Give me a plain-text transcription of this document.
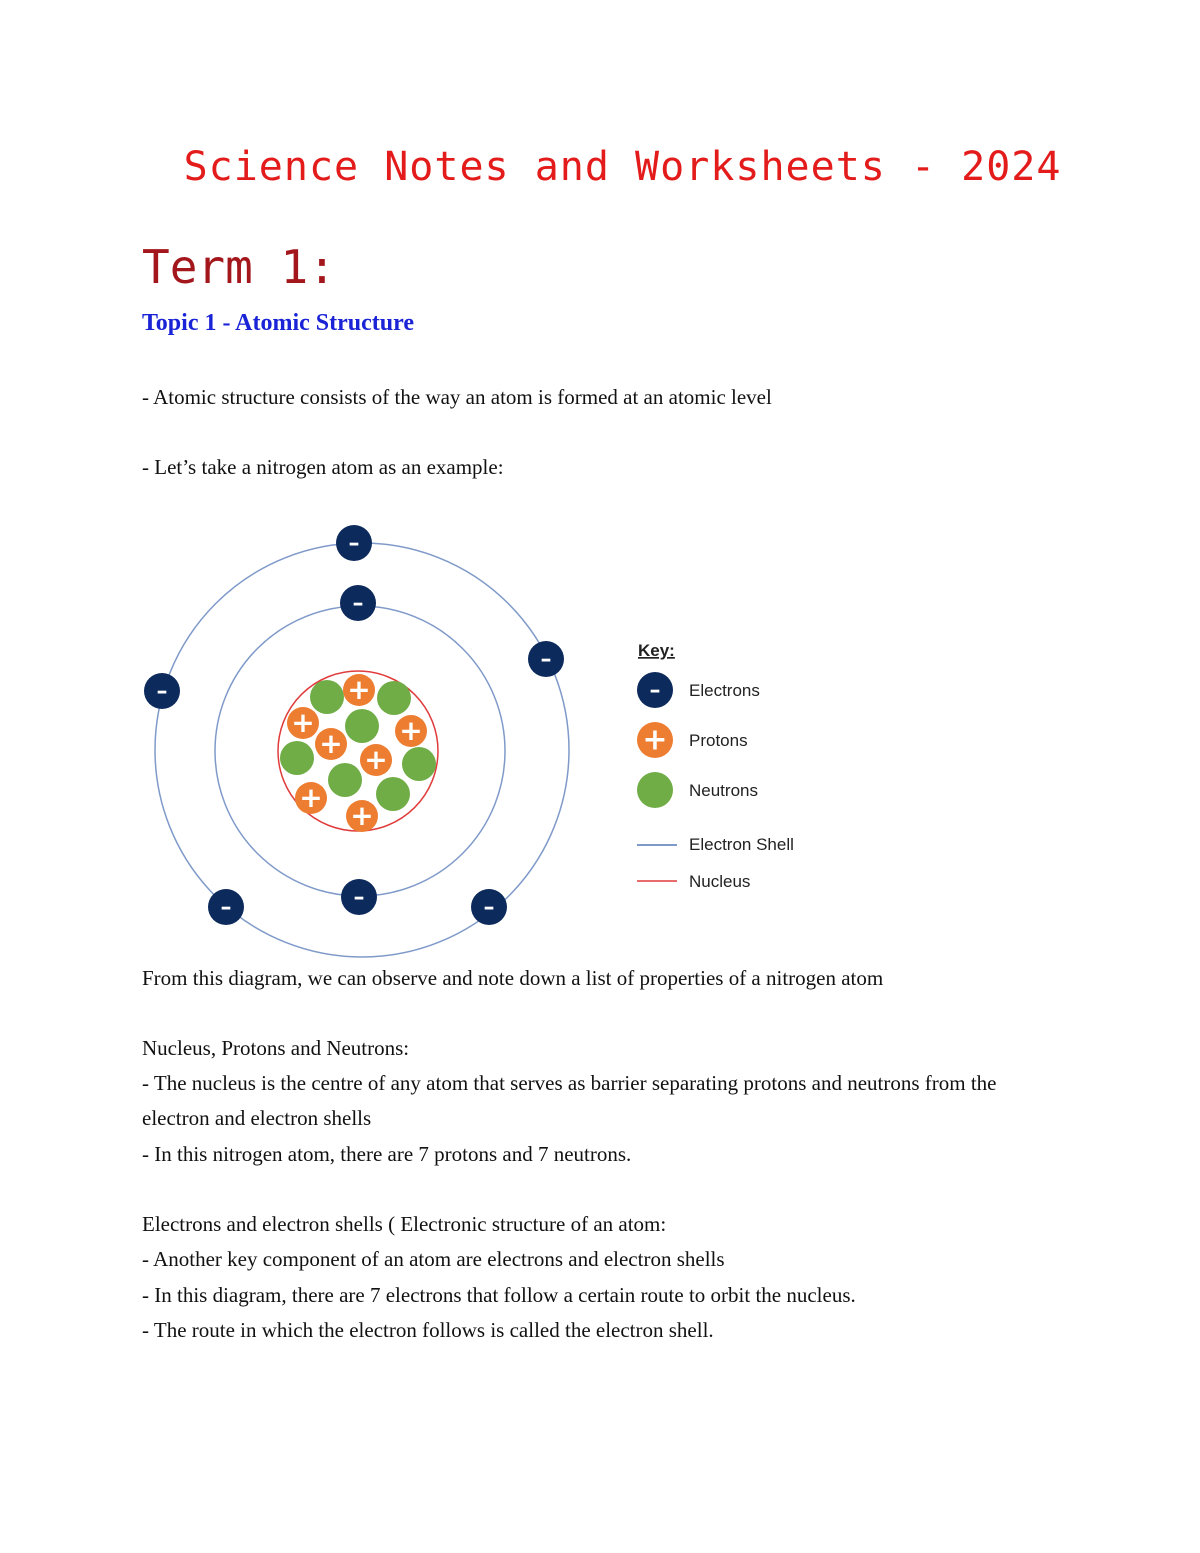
Science Notes and Worksheets - 2024
Term 1:
Topic 1 - Atomic Structure
- Atomic structure consists of the way an atom is formed at an atomic level
- Let’s take a nitrogen atom as an example:
+
+	+
+ +
+
+
–
–
–
–
–
–	–
Key:
– Electrons
+ Protons
Neutrons
Electron Shell
Nucleus
From this diagram, we can observe and note down a list of properties of a nitrogen atom
Nucleus, Protons and Neutrons:
- The nucleus is the centre of any atom that serves as barrier separating protons and neutrons from the
electron and electron shells
- In this nitrogen atom, there are 7 protons and 7 neutrons.
Electrons and electron shells ( Electronic structure of an atom:
- Another key component of an atom are electrons and electron shells
- In this diagram, there are 7 electrons that follow a certain route to orbit the nucleus.
- The route in which the electron follows is called the electron shell.
